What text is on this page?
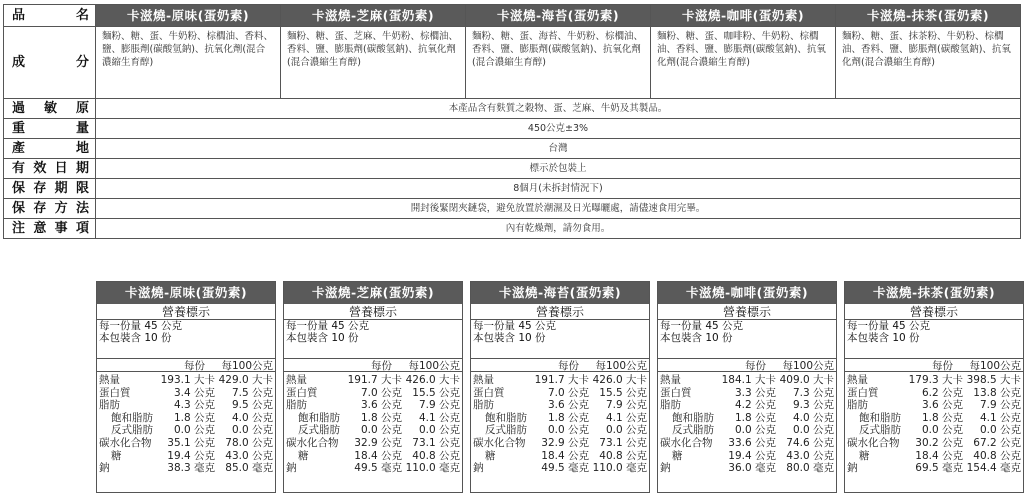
品名	卡滋燒-原味(蛋奶素)	卡滋燒-芝麻(蛋奶素)	卡滋燒-海苔(蛋奶素)	卡滋燒-咖啡(蛋奶素)	卡滋燒-抹茶(蛋奶素)
成分	麵粉、糖、蛋、牛奶粉、棕櫚油、香料、鹽、膨脹劑(碳酸氫鈉)、抗氧化劑(混合濃縮生育醇)	麵粉、糖、蛋、芝麻、牛奶粉、棕櫚油、香料、鹽、膨脹劑(碳酸氫鈉)、抗氧化劑(混合濃縮生育醇)	麵粉、糖、蛋、海苔、牛奶粉、棕櫚油、香料、鹽、膨脹劑(碳酸氫鈉)、抗氧化劑(混合濃縮生育醇)	麵粉、糖、蛋、咖啡粉、牛奶粉、棕櫚油、香料、鹽、膨脹劑(碳酸氫鈉)、抗氧化劑(混合濃縮生育醇)	麵粉、糖、蛋、抹茶粉、牛奶粉、棕櫚油、香料、鹽、膨脹劑(碳酸氫鈉)、抗氧化劑(混合濃縮生育醇)
過敏原	本產品含有麩質之穀物、蛋、芝麻、牛奶及其製品。				
重量	450公克±3%				
產地	台灣				
有效日期	標示於包裝上				
保存期限	8個月(未拆封情況下)				
保存方法	開封後緊閉夾鏈袋，避免放置於潮濕及日光曝曬處，請儘速食用完畢。				
注意事項	內有乾燥劑，請勿食用。				
卡滋燒-原味(蛋奶素)
營養標示
每一份量 45 公克
本包裝含 10 份
每份	每100公克
熱量	193.1 大卡 429.0 大卡
蛋白質	3.4 公克	7.5 公克
脂肪	4.3 公克	9.5 公克
飽和脂肪	1.8 公克	4.0 公克
反式脂肪	0.0 公克	0.0 公克
碳水化合物	35.1 公克 78.0 公克
糖	19.4 公克 43.0 公克
鈉	38.3 毫克 85.0 毫克
卡滋燒-芝麻(蛋奶素)
營養標示
每一份量 45 公克
本包裝含 10 份
每份	每100公克
熱量	191.7 大卡 426.0 大卡
蛋白質	7.0 公克 15.5 公克
脂肪	3.6 公克	7.9 公克
飽和脂肪	1.8 公克	4.1 公克
反式脂肪	0.0 公克	0.0 公克
碳水化合物	32.9 公克 73.1 公克
糖	18.4 公克 40.8 公克
鈉	49.5 毫克 110.0 毫克
卡滋燒-海苔(蛋奶素)
營養標示
每一份量 45 公克
本包裝含 10 份
每份	每100公克
熱量	191.7 大卡 426.0 大卡
蛋白質	7.0 公克 15.5 公克
脂肪	3.6 公克	7.9 公克
飽和脂肪	1.8 公克	4.1 公克
反式脂肪	0.0 公克	0.0 公克
碳水化合物	32.9 公克 73.1 公克
糖	18.4 公克 40.8 公克
鈉	49.5 毫克 110.0 毫克
卡滋燒-咖啡(蛋奶素)
營養標示
每一份量 45 公克
本包裝含 10 份
每份	每100公克
熱量	184.1 大卡 409.0 大卡
蛋白質	3.3 公克	7.3 公克
脂肪	4.2 公克	9.3 公克
飽和脂肪	1.8 公克	4.0 公克
反式脂肪	0.0 公克	0.0 公克
碳水化合物	33.6 公克 74.6 公克
糖	19.4 公克 43.0 公克
鈉	36.0 毫克 80.0 毫克
卡滋燒-抹茶(蛋奶素)
營養標示
每一份量 45 公克
本包裝含 10 份
每份	每100公克
熱量	179.3 大卡 398.5 大卡
蛋白質	6.2 公克 13.8 公克
脂肪	3.6 公克	7.9 公克
飽和脂肪	1.8 公克	4.1 公克
反式脂肪	0.0 公克	0.0 公克
碳水化合物	30.2 公克 67.2 公克
糖	18.4 公克 40.8 公克
鈉	69.5 毫克 154.4 毫克
